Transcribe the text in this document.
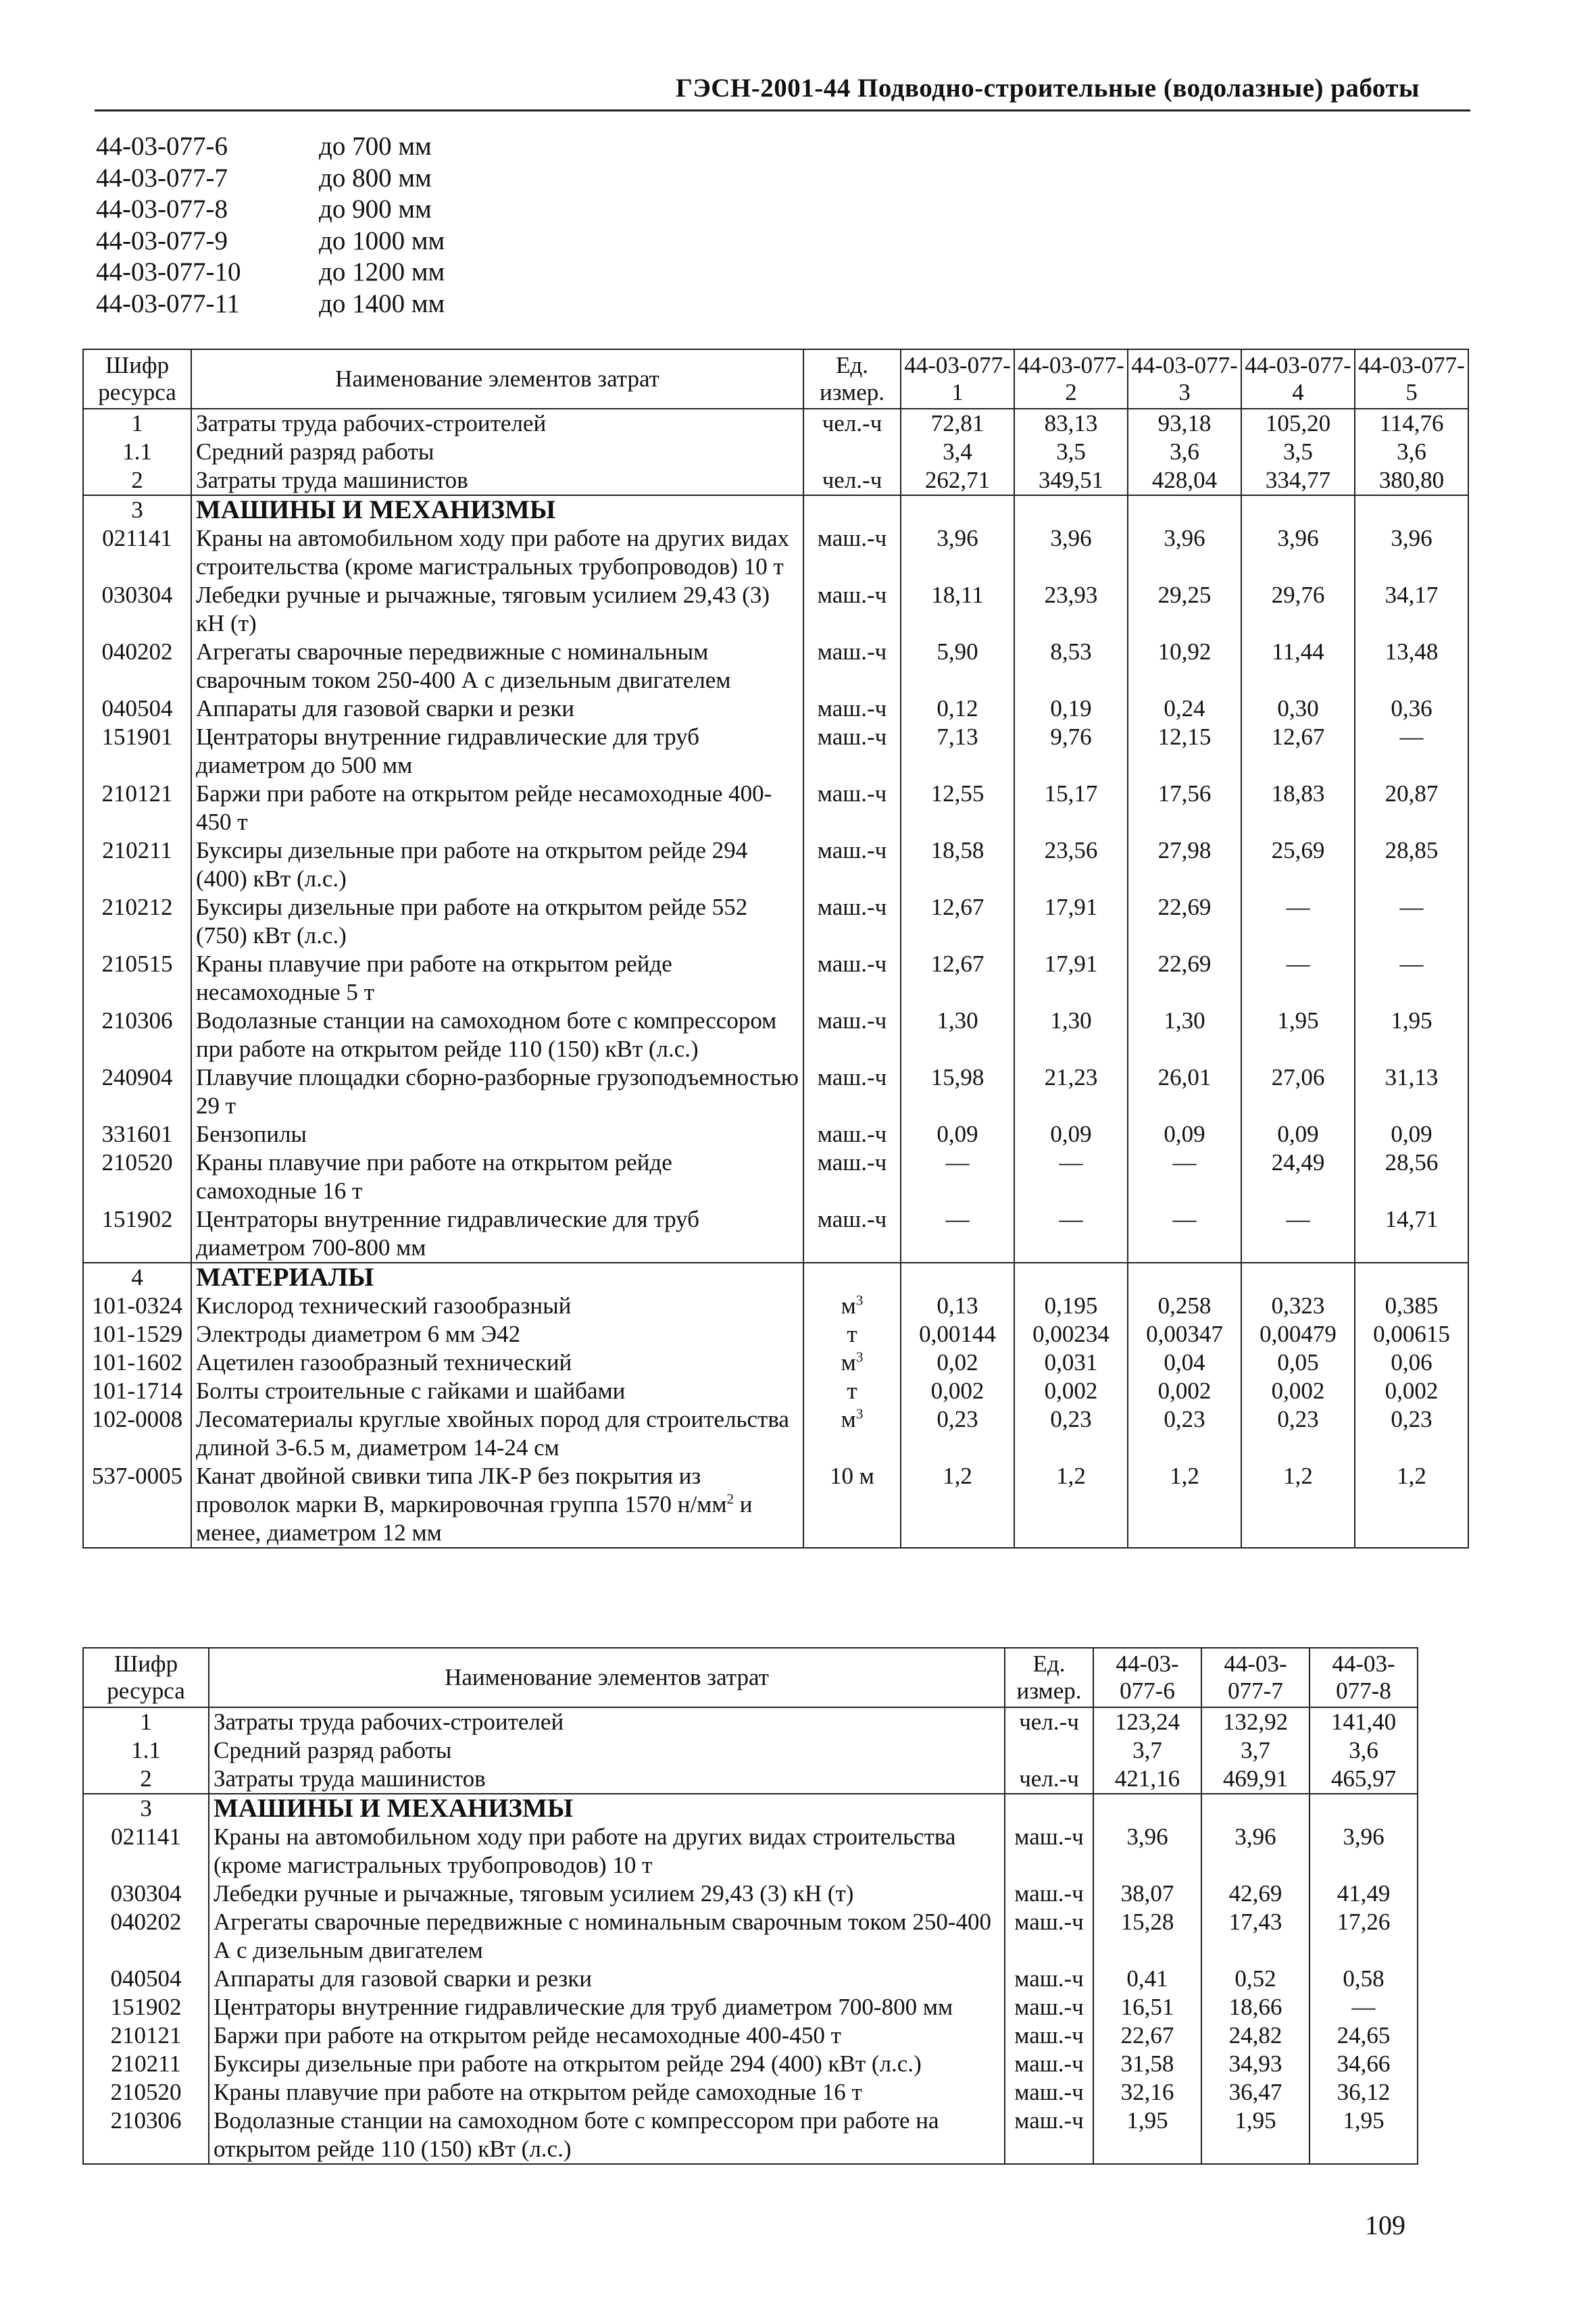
ГЭСН-2001-44 Подводно-строительные (водолазные) работы
44-03-077-6	до 700 мм
44-03-077-7	до 800 мм
44-03-077-8	до 900 мм
44-03-077-9	до 1000 мм
44-03-077-10	до 1200 мм
44-03-077-11	до 1400 мм
Шифр ресурса	Наименование элементов затрат	Ед. измер.	44-03-077-1	44-03-077-2	44-03-077-3	44-03-077-4	44-03-077-5
1	Затраты труда рабочих-строителей	чел.-ч	72,81	83,13	93,18	105,20	114,76
1.1	Средний разряд работы		3,4	3,5	3,6	3,5	3,6
2	Затраты труда машинистов	чел.-ч	262,71	349,51	428,04	334,77	380,80
3	МАШИНЫ И МЕХАНИЗМЫ						
021141	Краны на автомобильном ходу при работе на других видах строительства (кроме магистральных трубопроводов) 10 т	маш.-ч	3,96	3,96	3,96	3,96	3,96
030304	Лебедки ручные и рычажные, тяговым усилием 29,43 (3) кН (т)	маш.-ч	18,11	23,93	29,25	29,76	34,17
040202	Агрегаты сварочные передвижные с номинальным сварочным током 250-400 А с дизельным двигателем	маш.-ч	5,90	8,53	10,92	11,44	13,48
040504	Аппараты для газовой сварки и резки	маш.-ч	0,12	0,19	0,24	0,30	0,36
151901	Центраторы внутренние гидравлические для труб диаметром до 500 мм	маш.-ч	7,13	9,76	12,15	12,67	—
210121	Баржи при работе на открытом рейде несамоходные 400-450 т	маш.-ч	12,55	15,17	17,56	18,83	20,87
210211	Буксиры дизельные при работе на открытом рейде 294 (400) кВт (л.с.)	маш.-ч	18,58	23,56	27,98	25,69	28,85
210212	Буксиры дизельные при работе на открытом рейде 552 (750) кВт (л.с.)	маш.-ч	12,67	17,91	22,69	—	—
210515	Краны плавучие при работе на открытом рейде несамоходные 5 т	маш.-ч	12,67	17,91	22,69	—	—
210306	Водолазные станции на самоходном боте с компрессором при работе на открытом рейде 110 (150) кВт (л.с.)	маш.-ч	1,30	1,30	1,30	1,95	1,95
240904	Плавучие площадки сборно-разборные грузоподъемностью 29 т	маш.-ч	15,98	21,23	26,01	27,06	31,13
331601	Бензопилы	маш.-ч	0,09	0,09	0,09	0,09	0,09
210520	Краны плавучие при работе на открытом рейде самоходные 16 т	маш.-ч	—	—	—	24,49	28,56
151902	Центраторы внутренние гидравлические для труб диаметром 700-800 мм	маш.-ч	—	—	—	—	14,71
4	МАТЕРИАЛЫ						
101-0324	Кислород технический газообразный	$м^3$	0,13	0,195	0,258	0,323	0,385
101-1529	Электроды диаметром 6 мм Э42	т	0,00144	0,00234	0,00347	0,00479	0,00615
101-1602	Ацетилен газообразный технический	$м^3$	0,02	0,031	0,04	0,05	0,06
101-1714	Болты строительные с гайками и шайбами	т	0,002	0,002	0,002	0,002	0,002
102-0008	Лесоматериалы круглые хвойных пород для строительства длиной 3-6.5 м, диаметром 14-24 см	$м^3$	0,23	0,23	0,23	0,23	0,23
537-0005	Канат двойной свивки типа ЛК-Р без покрытия из проволок марки В, маркировочная группа 1570 $н/мм^2$ и менее, диаметром 12 мм	10 м	1,2	1,2	1,2	1,2	1,2
Шифр ресурса	Наименование элементов затрат	Ед. измер.	44-03-077-6	44-03-077-7	44-03-077-8
1	Затраты труда рабочих-строителей	чел.-ч	123,24	132,92	141,40
1.1	Средний разряд работы		3,7	3,7	3,6
2	Затраты труда машинистов	чел.-ч	421,16	469,91	465,97
3	МАШИНЫ И МЕХАНИЗМЫ				
021141	Краны на автомобильном ходу при работе на других видах строительства (кроме магистральных трубопроводов) 10 т	маш.-ч	3,96	3,96	3,96
030304	Лебедки ручные и рычажные, тяговым усилием 29,43 (3) кН (т)	маш.-ч	38,07	42,69	41,49
040202	Агрегаты сварочные передвижные с номинальным сварочным током 250-400 А с дизельным двигателем	маш.-ч	15,28	17,43	17,26
040504	Аппараты для газовой сварки и резки	маш.-ч	0,41	0,52	0,58
151902	Центраторы внутренние гидравлические для труб диаметром 700-800 мм	маш.-ч	16,51	18,66	—
210121	Баржи при работе на открытом рейде несамоходные 400-450 т	маш.-ч	22,67	24,82	24,65
210211	Буксиры дизельные при работе на открытом рейде 294 (400) кВт (л.с.)	маш.-ч	31,58	34,93	34,66
210520	Краны плавучие при работе на открытом рейде самоходные 16 т	маш.-ч	32,16	36,47	36,12
210306	Водолазные станции на самоходном боте с компрессором при работе на открытом рейде 110 (150) кВт (л.с.)	маш.-ч	1,95	1,95	1,95
109
